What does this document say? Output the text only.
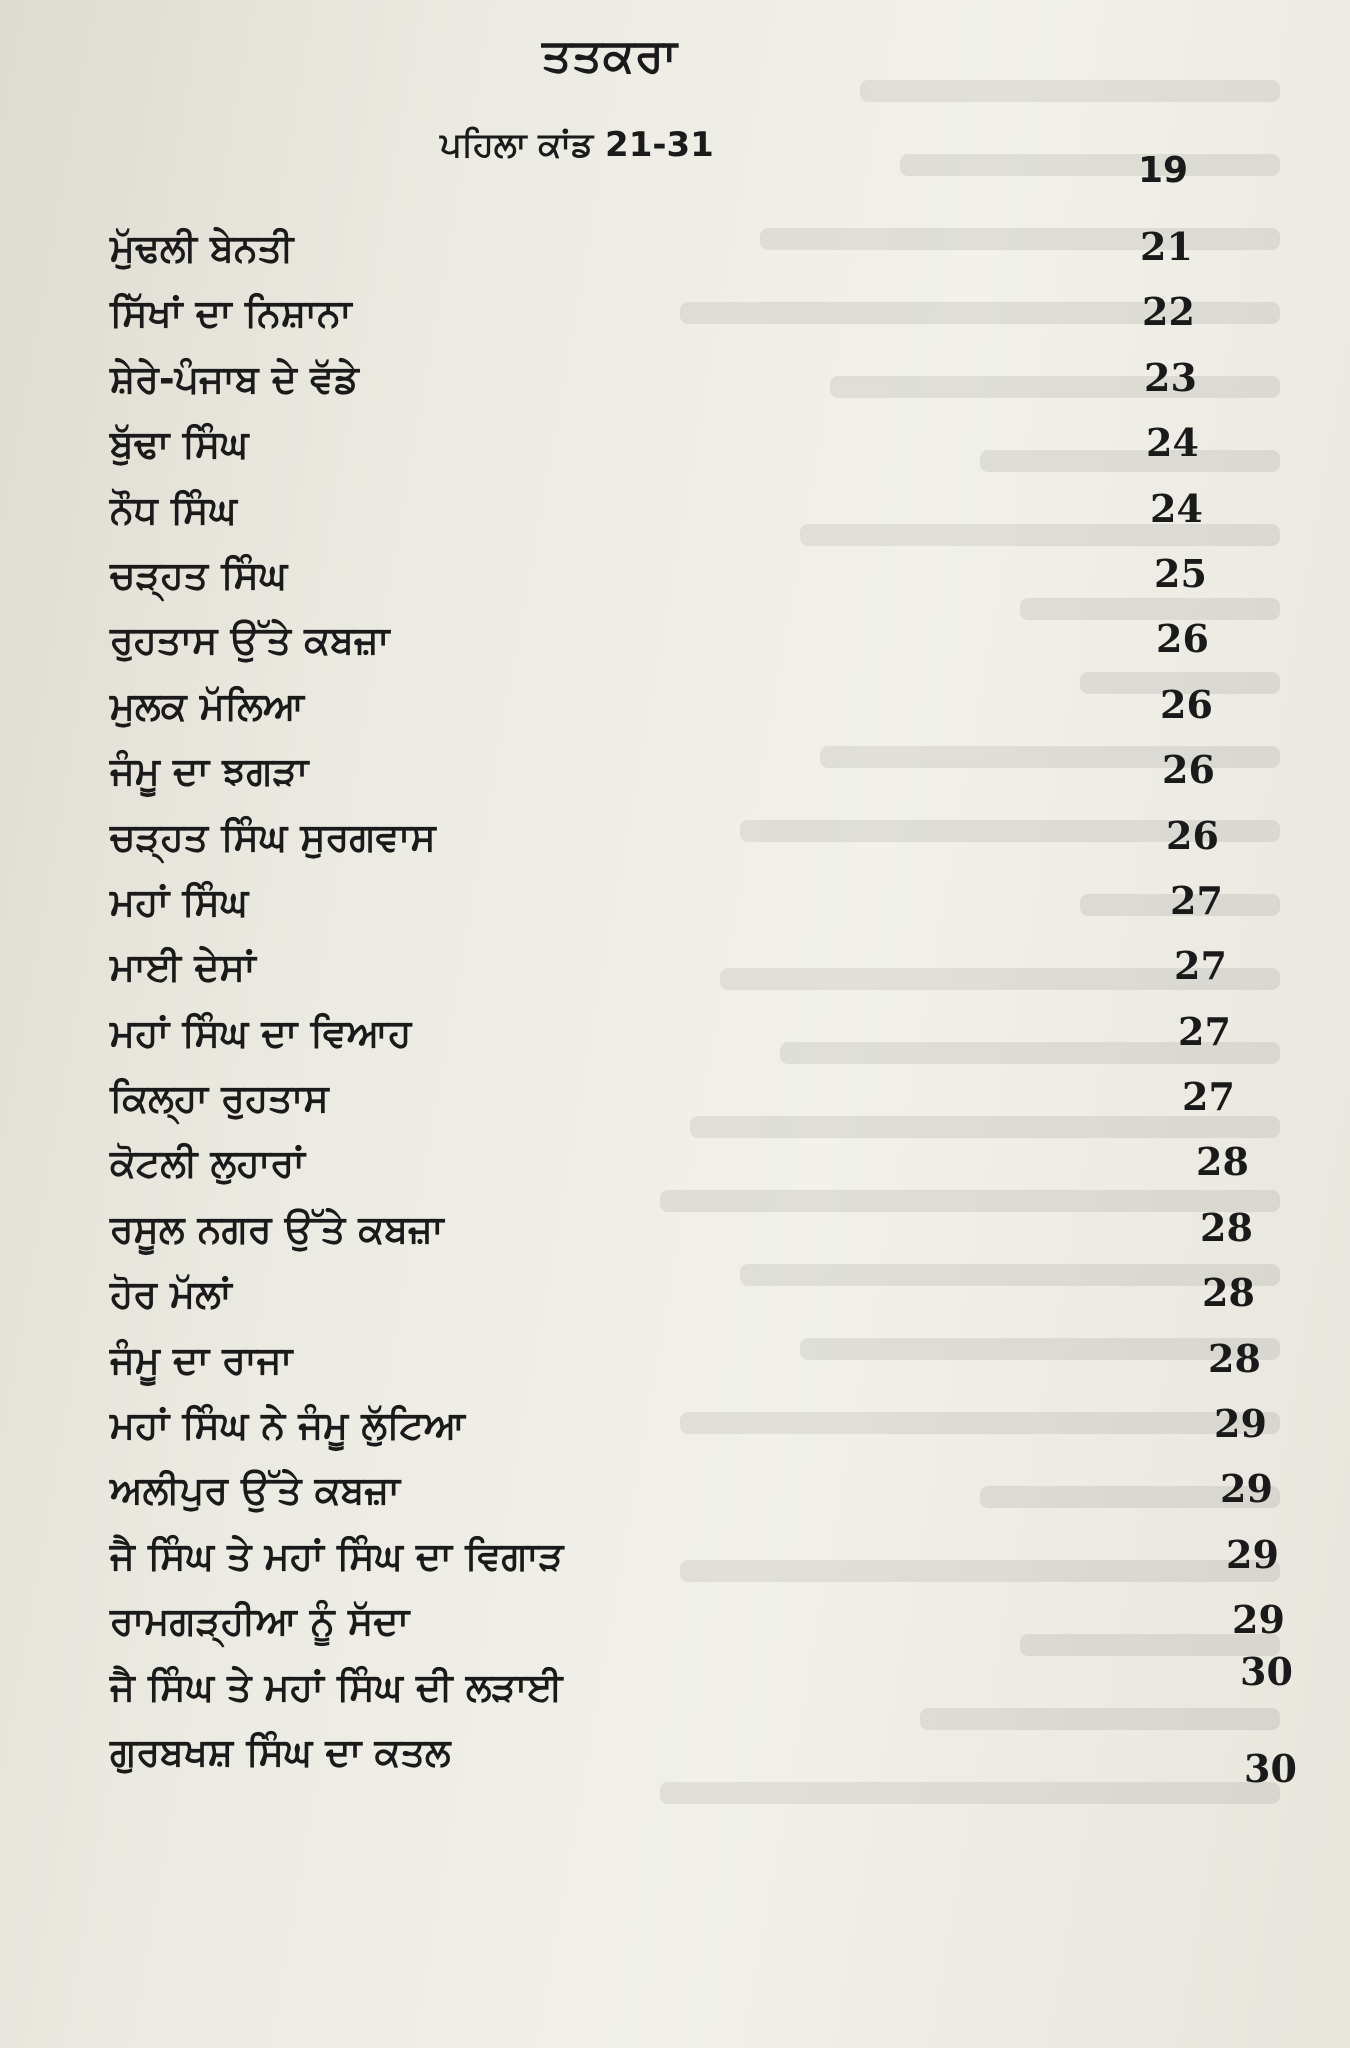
ਤਤਕਰਾ
ਪਹਿਲਾ ਕਾਂਡ 21-31
19
ਮੁੱਢਲੀ ਬੇਨਤੀ	21
ਸਿੱਖਾਂ ਦਾ ਨਿਸ਼ਾਨਾ	22
ਸ਼ੇਰੇ-ਪੰਜਾਬ ਦੇ ਵੱਡੇ	23
ਬੁੱਢਾ ਸਿੰਘ	24
ਨੌਧ ਸਿੰਘ	24
ਚੜ੍ਹਤ ਸਿੰਘ	25
ਰੁਹਤਾਸ ਉੱਤੇ ਕਬਜ਼ਾ	26
ਮੁਲਕ ਮੱਲਿਆ	26
ਜੰਮੂ ਦਾ ਝਗੜਾ	26
ਚੜ੍ਹਤ ਸਿੰਘ ਸੁਰਗਵਾਸ	26
ਮਹਾਂ ਸਿੰਘ	27
ਮਾਈ ਦੇਸਾਂ	27
ਮਹਾਂ ਸਿੰਘ ਦਾ ਵਿਆਹ	27
ਕਿਲ੍ਹਾ ਰੁਹਤਾਸ	27
ਕੋਟਲੀ ਲੁਹਾਰਾਂ	28
ਰਸੂਲ ਨਗਰ ਉੱਤੇ ਕਬਜ਼ਾ	28
ਹੋਰ ਮੱਲਾਂ	28
ਜੰਮੂ ਦਾ ਰਾਜਾ	28
ਮਹਾਂ ਸਿੰਘ ਨੇ ਜੰਮੂ ਲੁੱਟਿਆ	29
ਅਲੀਪੁਰ ਉੱਤੇ ਕਬਜ਼ਾ	29
ਜੈ ਸਿੰਘ ਤੇ ਮਹਾਂ ਸਿੰਘ ਦਾ ਵਿਗਾੜ	29
ਰਾਮਗੜ੍ਹੀਆ ਨੂੰ ਸੱਦਾ	29
ਜੈ ਸਿੰਘ ਤੇ ਮਹਾਂ ਸਿੰਘ ਦੀ ਲੜਾਈ	30
ਗੁਰਬਖਸ਼ ਸਿੰਘ ਦਾ ਕਤਲ	30
